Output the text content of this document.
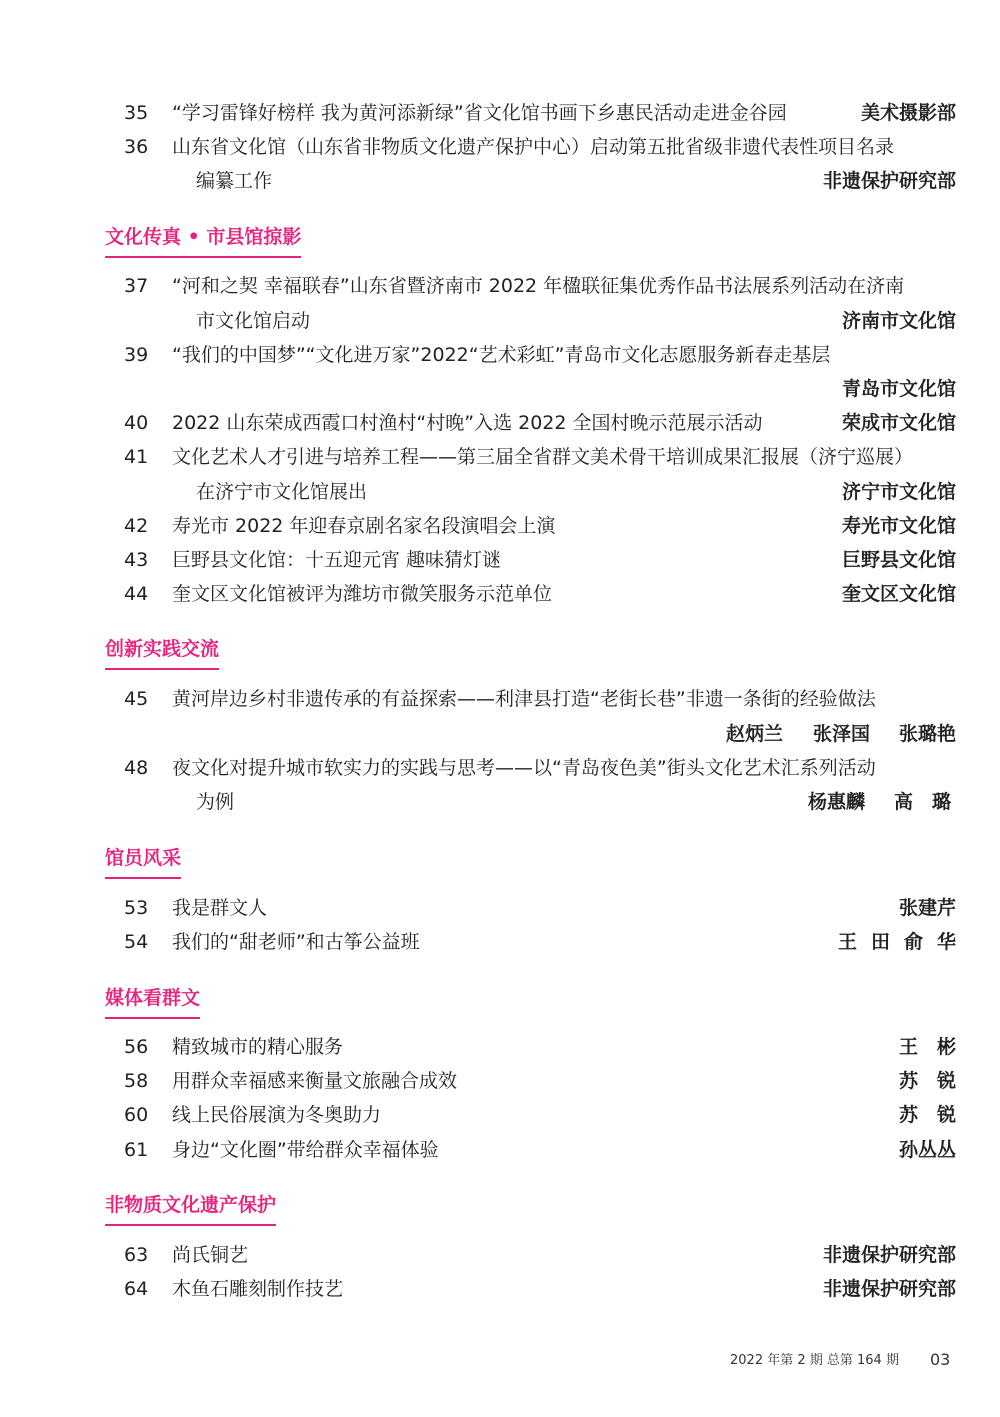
35 “学习雷锋好榜样 我为黄河添新绿”省文化馆书画下乡惠民活动走进金谷园	美术摄影部
36 山东省文化馆（山东省非物质文化遗产保护中心）启动第五批省级非遗代表性项目名录
编纂工作	非遗保护研究部
文化传真 • 市县馆掠影
37 “河和之契 幸福联春”山东省暨济南市 2022 年楹联征集优秀作品书法展系列活动在济南
市文化馆启动	济南市文化馆
39 “我们的中国梦”“文化进万家”2022“艺术彩虹”青岛市文化志愿服务新春走基层
青岛市文化馆
40 2022 山东荣成西霞口村渔村“村晚”入选 2022 全国村晚示范展示活动	荣成市文化馆
41 文化艺术人才引进与培养工程——第三届全省群文美术骨干培训成果汇报展（济宁巡展）
在济宁市文化馆展出	济宁市文化馆
42 寿光市 2022 年迎春京剧名家名段演唱会上演	寿光市文化馆
43 巨野县文化馆：十五迎元宵 趣味猜灯谜	巨野县文化馆
44 奎文区文化馆被评为潍坊市微笑服务示范单位	奎文区文化馆
创新实践交流
45 黄河岸边乡村非遗传承的有益探索——利津县打造“老街长巷”非遗一条街的经验做法
赵炳兰 张泽国 张璐艳
48 夜文化对提升城市软实力的实践与思考——以“青岛夜色美”街头文化艺术汇系列活动
为例	杨惠麟 高　璐
馆员风采
53 我是群文人	张建芹
54 我们的“甜老师”和古筝公益班	王田俞华
媒体看群文
56 精致城市的精心服务	王　彬
58 用群众幸福感来衡量文旅融合成效	苏　锐
60 线上民俗展演为冬奥助力	苏　锐
61 身边“文化圈”带给群众幸福体验	孙丛丛
非物质文化遗产保护
63 尚氏铜艺	非遗保护研究部
64 木鱼石雕刻制作技艺	非遗保护研究部
2022 年第 2 期 总第 164 期 03
